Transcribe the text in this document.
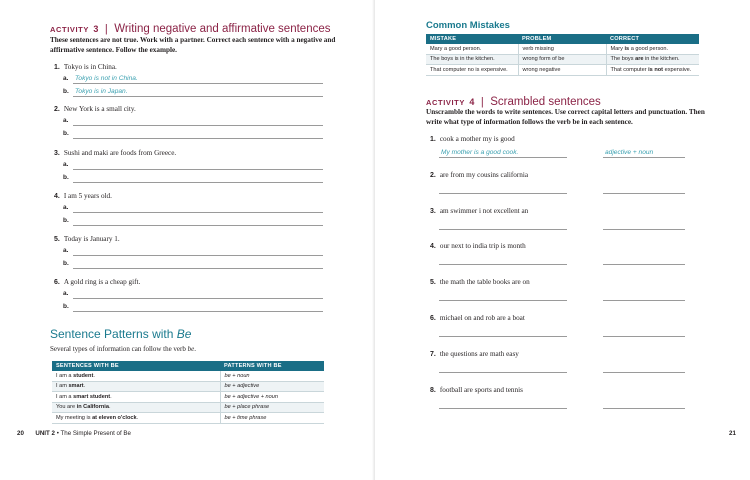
ACTIVITY 3 | Writing negative and affirmative sentences
These sentences are not true. Work with a partner. Correct each sentence with a negative and
affirmative sentence. Follow the example.
1. Tokyo is in China.
a. Tokyo is not in China.
b. Tokyo is in Japan.
2. New York is a small city.
a.
b.
3. Sushi and maki are foods from Greece.
a.
b.
4. I am 5 years old.
a.
b.
5. Today is January 1.
a.
b.
6. A gold ring is a cheap gift.
a.
b.
Sentence Patterns with Be
Several types of information can follow the verb be.
SENTENCES WITH BE	PATTERNS WITH BE
I am a student.	be + noun
I am smart.	be + adjective
I am a smart student.	be + adjective + noun
You are in California.	be + place phrase
My meeting is at eleven o'clock.	be + time phrase
20 UNIT 2 • The Simple Present of Be
Common Mistakes
MISTAKE	PROBLEM	CORRECT
Mary a good person.	verb missing	Mary is a good person.
The boys is in the kitchen.	wrong form of be	The boys are in the kitchen.
That computer no is expensive.	wrong negative	That computer is not expensive.
ACTIVITY 4 | Scrambled sentences
Unscramble the words to write sentences. Use correct capital letters and punctuation. Then
write what type of information follows the verb be in each sentence.
1. cook a mother my is good
My mother is a good cook.	adjective + noun
2. are from my cousins california
3. am swimmer i not excellent an
4. our next to india trip is month
5. the math the table books are on
6. michael on and rob are a boat
7. the questions are math easy
8. football are sports and tennis
21
